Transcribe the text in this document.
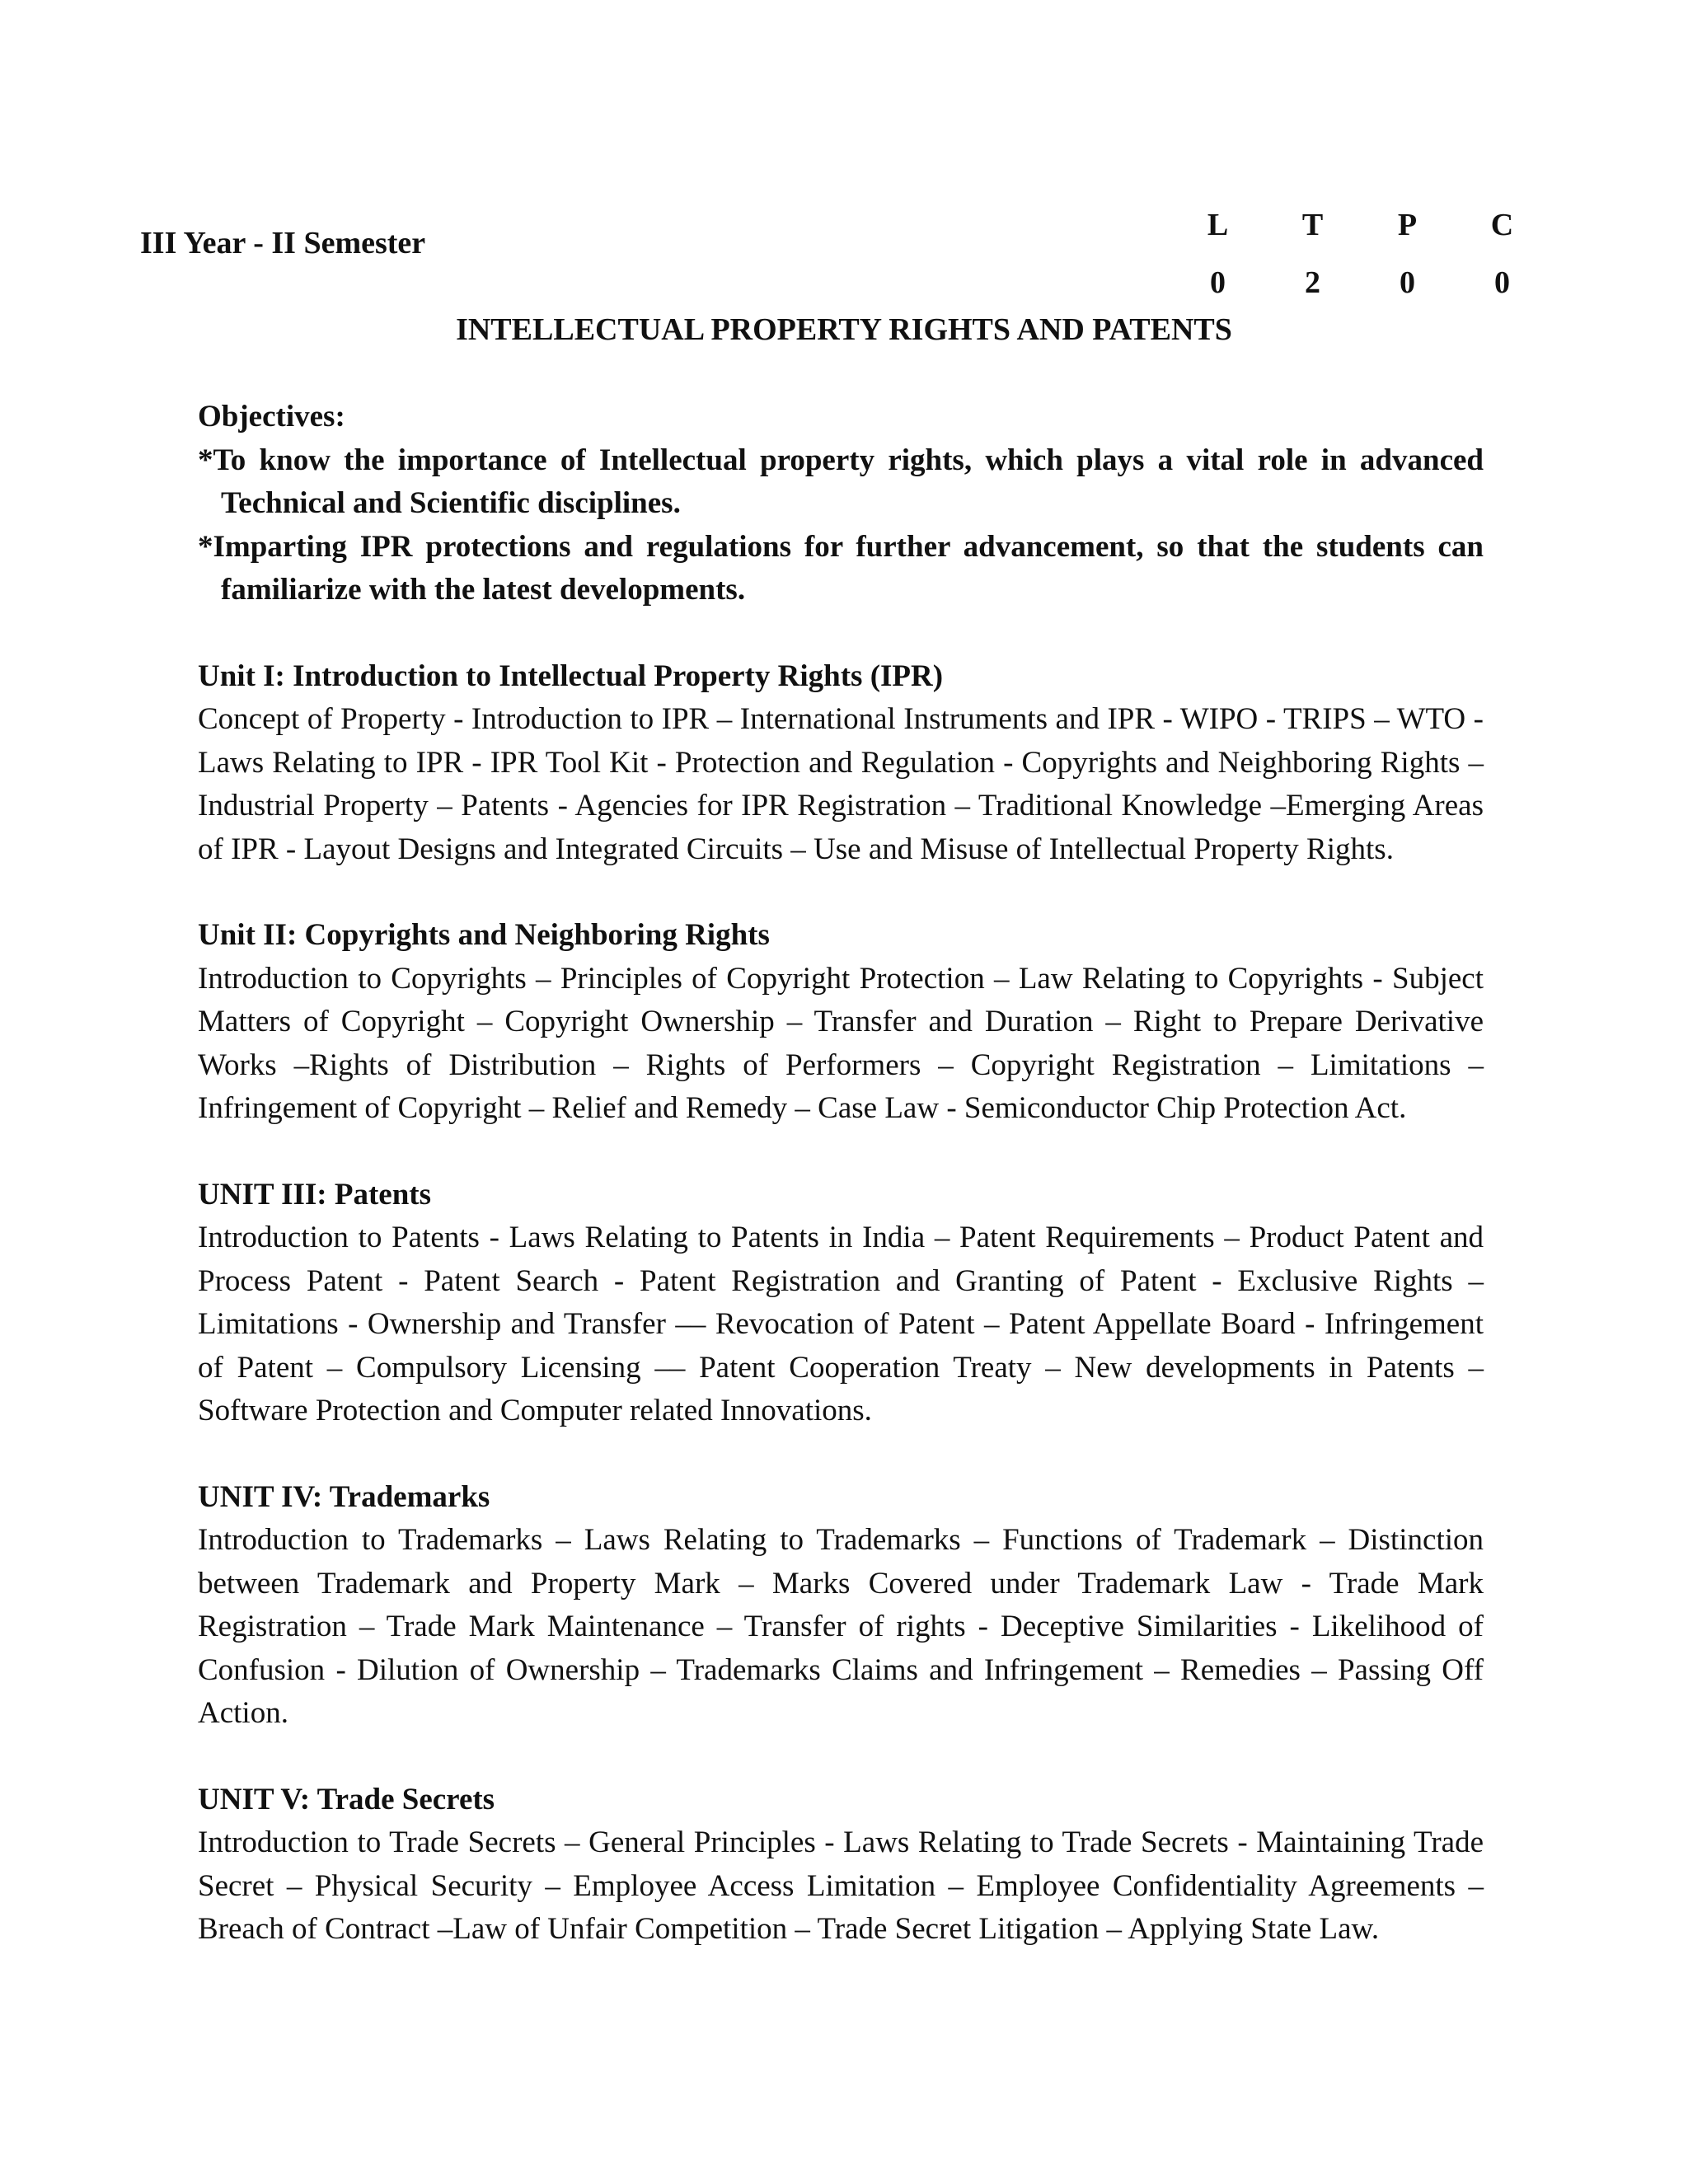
III Year - II Semester
L	T	P	C
0	2	0	0
INTELLECTUAL PROPERTY RIGHTS AND PATENTS

Objectives:

*To know the importance of Intellectual property rights, which plays a vital role in advanced Technical and Scientific disciplines.

*Imparting IPR protections and regulations for further advancement, so that the students can familiarize with the latest developments.

Unit I: Introduction to Intellectual Property Rights (IPR)

Concept of Property - Introduction to IPR – International Instruments and IPR - WIPO - TRIPS – WTO -Laws Relating to IPR - IPR Tool Kit - Protection and Regulation - Copyrights and Neighboring Rights – Industrial Property – Patents - Agencies for IPR Registration – Traditional Knowledge –Emerging Areas of IPR - Layout Designs and Integrated Circuits – Use and Misuse of Intellectual Property Rights.

Unit II: Copyrights and Neighboring Rights

Introduction to Copyrights – Principles of Copyright Protection – Law Relating to Copyrights - Subject Matters of Copyright – Copyright Ownership – Transfer and Duration – Right to Prepare Derivative Works –Rights of Distribution – Rights of Performers – Copyright Registration – Limitations – Infringement of Copyright – Relief and Remedy – Case Law - Semiconductor Chip Protection Act.

UNIT III: Patents

Introduction to Patents - Laws Relating to Patents in India – Patent Requirements – Product Patent and Process Patent - Patent Search - Patent Registration and Granting of Patent - Exclusive Rights – Limitations - Ownership and Transfer –– Revocation of Patent – Patent Appellate Board - Infringement of Patent – Compulsory Licensing –– Patent Cooperation Treaty – New developments in Patents – Software Protection and Computer related Innovations.

UNIT IV: Trademarks

Introduction to Trademarks – Laws Relating to Trademarks – Functions of Trademark – Distinction between Trademark and Property Mark – Marks Covered under Trademark Law - Trade Mark Registration – Trade Mark Maintenance – Transfer of rights - Deceptive Similarities - Likelihood of Confusion - Dilution of Ownership – Trademarks Claims and Infringement – Remedies – Passing Off Action.

UNIT V: Trade Secrets

Introduction to Trade Secrets – General Principles - Laws Relating to Trade Secrets - Maintaining Trade Secret – Physical Security – Employee Access Limitation – Employee Confidentiality Agreements – Breach of Contract –Law of Unfair Competition – Trade Secret Litigation – Applying State Law.
